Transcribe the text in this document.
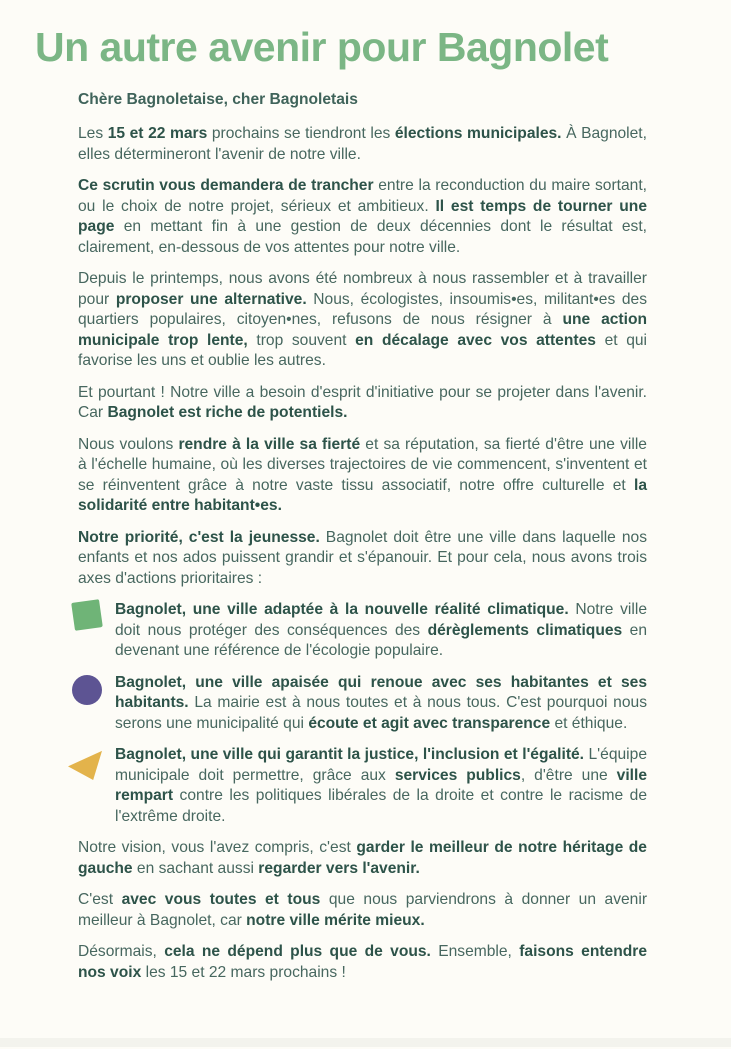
Un autre avenir pour Bagnolet

Chère Bagnoletaise, cher Bagnoletais

Les 15 et 22 mars prochains se tiendront les élections municipales. À Bagnolet, elles détermineront l'avenir de notre ville.

Ce scrutin vous demandera de trancher entre la reconduction du maire sortant, ou le choix de notre projet, sérieux et ambitieux. Il est temps de tourner une page en mettant fin à une gestion de deux décennies dont le résultat est, clairement, en-dessous de vos attentes pour notre ville.

Depuis le printemps, nous avons été nombreux à nous rassembler et à travailler pour proposer une alternative. Nous, écologistes, insoumis•es, militant•es des quartiers populaires, citoyen•nes, refusons de nous résigner à une action municipale trop lente, trop souvent en décalage avec vos attentes et qui favorise les uns et oublie les autres.

Et pourtant ! Notre ville a besoin d'esprit d'initiative pour se projeter dans l'avenir. Car Bagnolet est riche de potentiels.

Nous voulons rendre à la ville sa fierté et sa réputation, sa fierté d'être une ville à l'échelle humaine, où les diverses trajectoires de vie commencent, s'inventent et se réinventent grâce à notre vaste tissu associatif, notre offre culturelle et la solidarité entre habitant•es.

Notre priorité, c'est la jeunesse. Bagnolet doit être une ville dans laquelle nos enfants et nos ados puissent grandir et s'épanouir. Et pour cela, nous avons trois axes d'actions prioritaires :

Bagnolet, une ville adaptée à la nouvelle réalité climatique. Notre ville doit nous protéger des conséquences des dérèglements climatiques en devenant une référence de l'écologie populaire.

Bagnolet, une ville apaisée qui renoue avec ses habitantes et ses habitants. La mairie est à nous toutes et à nous tous. C'est pourquoi nous serons une municipalité qui écoute et agit avec transparence et éthique.

Bagnolet, une ville qui garantit la justice, l'inclusion et l'égalité. L'équipe municipale doit permettre, grâce aux services publics, d'être une ville rempart contre les politiques libérales de la droite et contre le racisme de l'extrême droite.

Notre vision, vous l'avez compris, c'est garder le meilleur de notre héritage de gauche en sachant aussi regarder vers l'avenir.

C'est avec vous toutes et tous que nous parviendrons à donner un avenir meilleur à Bagnolet, car notre ville mérite mieux.

Désormais, cela ne dépend plus que de vous. Ensemble, faisons entendre nos voix les 15 et 22 mars prochains !
